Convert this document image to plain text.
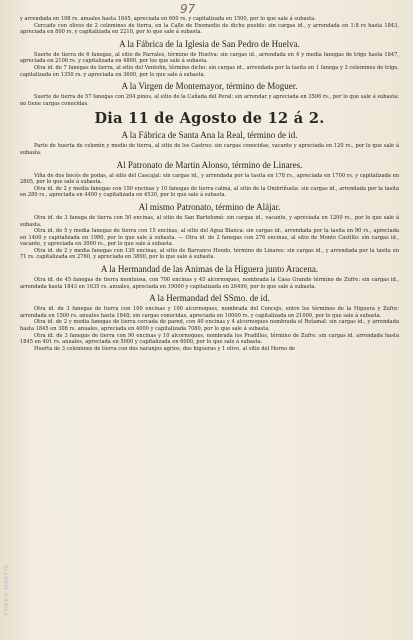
97

y arrendada en 108 rs. anuales hasta 1845, apreciada en 600 rs. y capitalizada en 1500, por lo que sale á subasta.

Cercado con olivos de 2 celemines de tierra, en la Calle de Ensmedio de dicho pueblo: sin cargas id., y arrendada en 1:8 rs hasta 1843, apreciada en 800 rs. y capitalizada en 2210, por lo que sale á subasta.

A la Fábrica de la Iglesia de San Pedro de Huelva.

Suerte de tierra de 6 fanegas, al sitio de Parrales, término de Huelva: sin cargas id., arrendada en 4 y media fanegas de trigo hasta 1847, apreciada en 2100 rs. y capitalizada en 4860, por los que sale á subasta.

Otra id. de 7 fanegas de tierra, al sitio del Ventolin, término dicho: sin cargas id., arrendada por la tasita en 1 fanega y 3 celemines de trigo, capitalizada en 1350 rs. y apreciada en 3600, por lo que sale á subasta.

A la Virgen de Montemayor, término de Moguer.

Suerte de tierra de 57 fanegas con 204 pinos, al sitio de la Cañada del Peral: sin arrendar y apreciada en 3506 rs., por lo que sale á subasta: no tiene cargas conocidas.

Dia 11 de Agosto de 12 á 2.
A la Fábrica de Santa Ana la Real, término de id.

Parte de huerta de celemin y medio de tierra, al sitio de los Castros: sin cargas conocidas, vacante y apreciada en 120 rs., por lo que sale á subasta.

Al Patronato de Martin Alonso, término de Linares.

Viña de dos hocés de podas, al sitio del Cascajal: sin cargas id., y arrendada por la tasita en 178 rs., apreciada en 1700 rs. y capitalizada en 2805, por lo que sale á subasta.

Otra id. de 2 y media fanegas con 150 encinas y 10 fanegas de tierra calma, al sitio de la Ombriñuela: sin cargas id., arrendada por la tasita en 280 rs., apreciada en 4400 y capitalizada en 4530, por lo que sale á subasta.

Al mismo Patronato, término de Alájar.

Otra id. de 3 fanega de tierra con 50 encinas, al sitio de San Bartolomé: sin cargas id., vacante, y apreciada en 1200 rs., por lo que sale á subasta.

Otra id. de 5 y media fanegas de tierra con 15 encinas, al sitio del Agua Blanca: sin cargas id., arrendada por la tasita en 90 rs., apreciada en 1400 y capitalizada en 1980, por lo que sale á subasta. — Otra id. de 2 fanegas con 276 encinas, al sitio de Monte Castillo: sin cargas id., vacante, y apreciada en 3000 rs., por lo que sale á subasta.

Otra id. de 2 y media fanegas con 130 encinas, al sitio de Barranco Hondo, término de Linares: sin cargas id., y arrendada por la tasita en 71 rs. capitalizada en 2760, y apreciada en 3800, por lo que sale á subasta.

A la Hermandad de las Animas de la Higuera junto Aracena.

Otra id. de 45 fanegas de tierra montuosa, con 700 encinas y 45 alcornoques, nombrada la Casa Grande término de Zufre: sin cargas id., arrendada hasta 1843 en 1635 rs. anuales, apreciada en 19000 y capitalizada en 26490, por lo que sale á subasta.

A la Hermandad del SSmo. de id.

Otra id. de 3 fanegas de tierra con 100 encinas y 100 alcornoques, nombrada del Concejo, entre los términos de la Higuera y Zufre: arrendada en 1500 rs. anuales hasta 1848; sin cargas conocidas, apreciada en 10000 rs. y capitalizada en 21000, por lo que sale á subasta.

Otra id. de 2 y media fanegas de tierra cercada de pared, con 40 encinas y 4 alcornoques nombrada el Retamal: sin cargas id., y arrendada hasta 1845 en 308 rs. anuales, apreciada en 4000 y capitalizada 7080, por lo que sale á subasta.

Otra id. de 3 fanegas de tierra con 90 encinas y 10 alcornoques, nombrada los Pradillos, término de Zufre: sin cargas id. arrendada hasta 1845 en 401 rs. anuales, apreciada en 5000 y capitalizada en 6000, por lo que sale á subasta.

Huerta de 3 celemines de tierra con dos naranjos agrios, dos higueras y 1 olivo, al sitio del Horno de

FONDO MARTIN
